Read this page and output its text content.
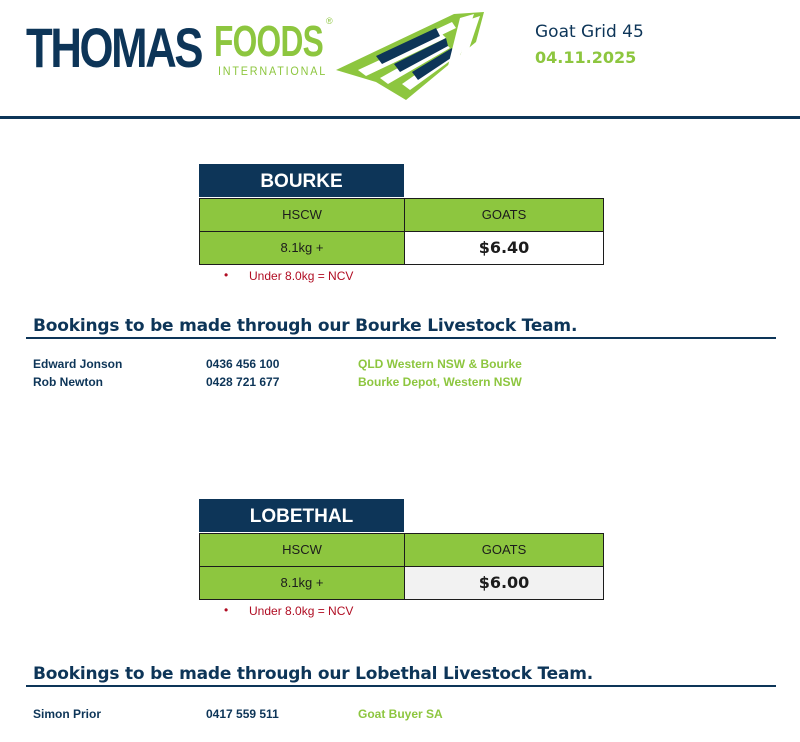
THOMAS FOODS
INTERNATIONAL
®
Goat Grid 45
04.11.2025
BOURKE
HSCW	GOATS
8.1kg +	$6.40
• Under 8.0kg = NCV
Bookings to be made through our Bourke Livestock Team.
Edward Jonson	0436 456 100	QLD Western NSW & Bourke
Rob Newton	0428 721 677	Bourke Depot, Western NSW
LOBETHAL
HSCW	GOATS
8.1kg +	$6.00
• Under 8.0kg = NCV
Bookings to be made through our Lobethal Livestock Team.
Simon Prior	0417 559 511	Goat Buyer SA
